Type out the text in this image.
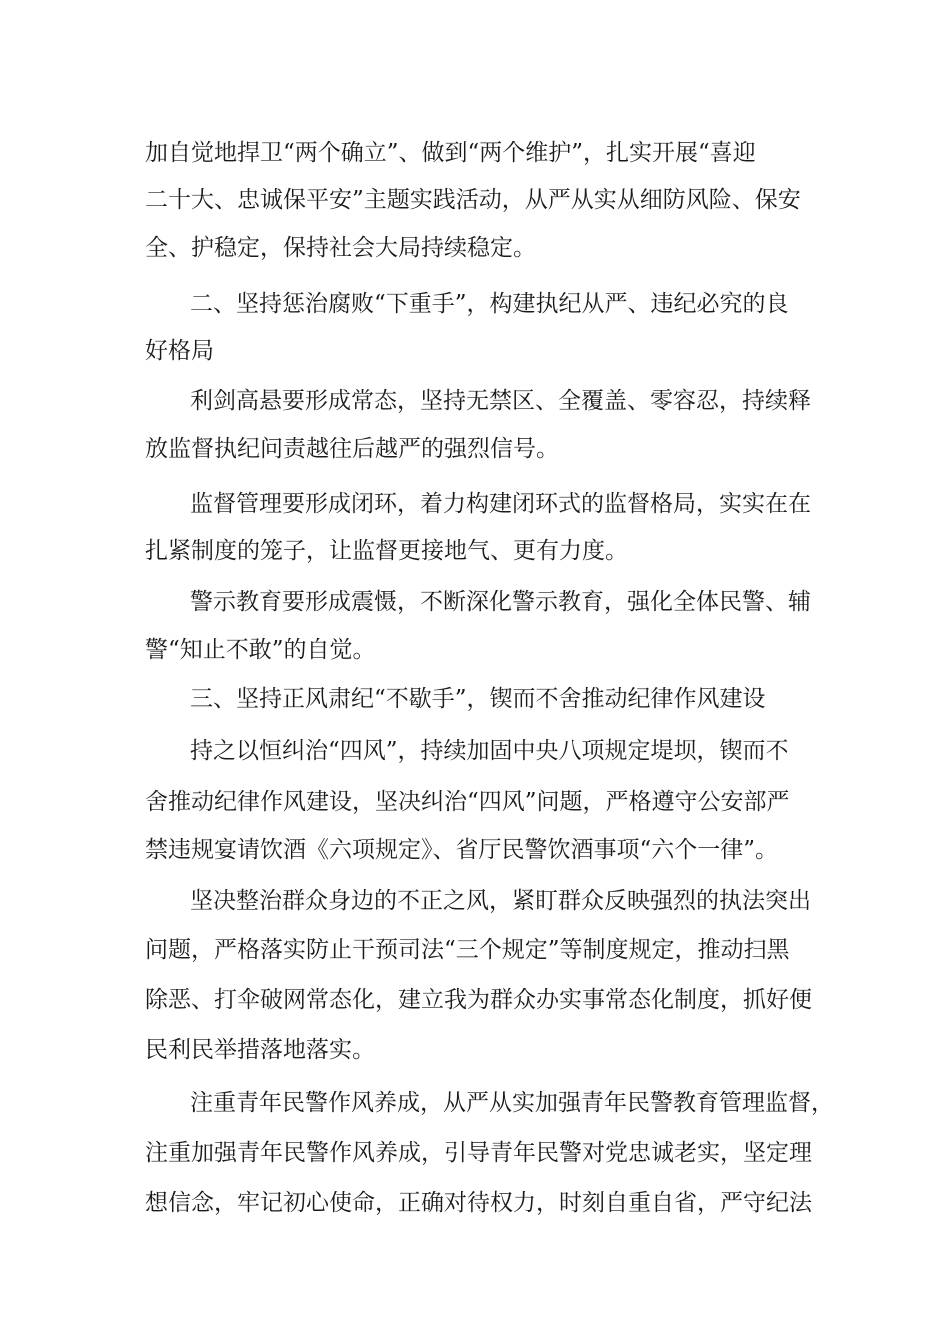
加自觉地捍卫“两个确立”、做到“两个维护”，扎实开展“喜迎
二十大、忠诚保平安”主题实践活动，从严从实从细防风险、保安
全、护稳定，保持社会大局持续稳定。
二、坚持惩治腐败“下重手”，构建执纪从严、违纪必究的良
好格局
利剑高悬要形成常态，坚持无禁区、全覆盖、零容忍，持续释
放监督执纪问责越往后越严的强烈信号。
监督管理要形成闭环，着力构建闭环式的监督格局，实实在在
扎紧制度的笼子，让监督更接地气、更有力度。
警示教育要形成震慑，不断深化警示教育，强化全体民警、辅
警“知止不敢”的自觉。
三、坚持正风肃纪“不歇手”，锲而不舍推动纪律作风建设
持之以恒纠治“四风”，持续加固中央八项规定堤坝，锲而不
舍推动纪律作风建设，坚决纠治“四风”问题，严格遵守公安部严
禁违规宴请饮酒《六项规定》、省厅民警饮酒事项“六个一律”。
坚决整治群众身边的不正之风，紧盯群众反映强烈的执法突出
问题，严格落实防止干预司法“三个规定”等制度规定，推动扫黑
除恶、打伞破网常态化，建立我为群众办实事常态化制度，抓好便
民利民举措落地落实。
注重青年民警作风养成，从严从实加强青年民警教育管理监督，
注重加强青年民警作风养成，引导青年民警对党忠诚老实，坚定理
想信念，牢记初心使命，正确对待权力，时刻自重自省，严守纪法
